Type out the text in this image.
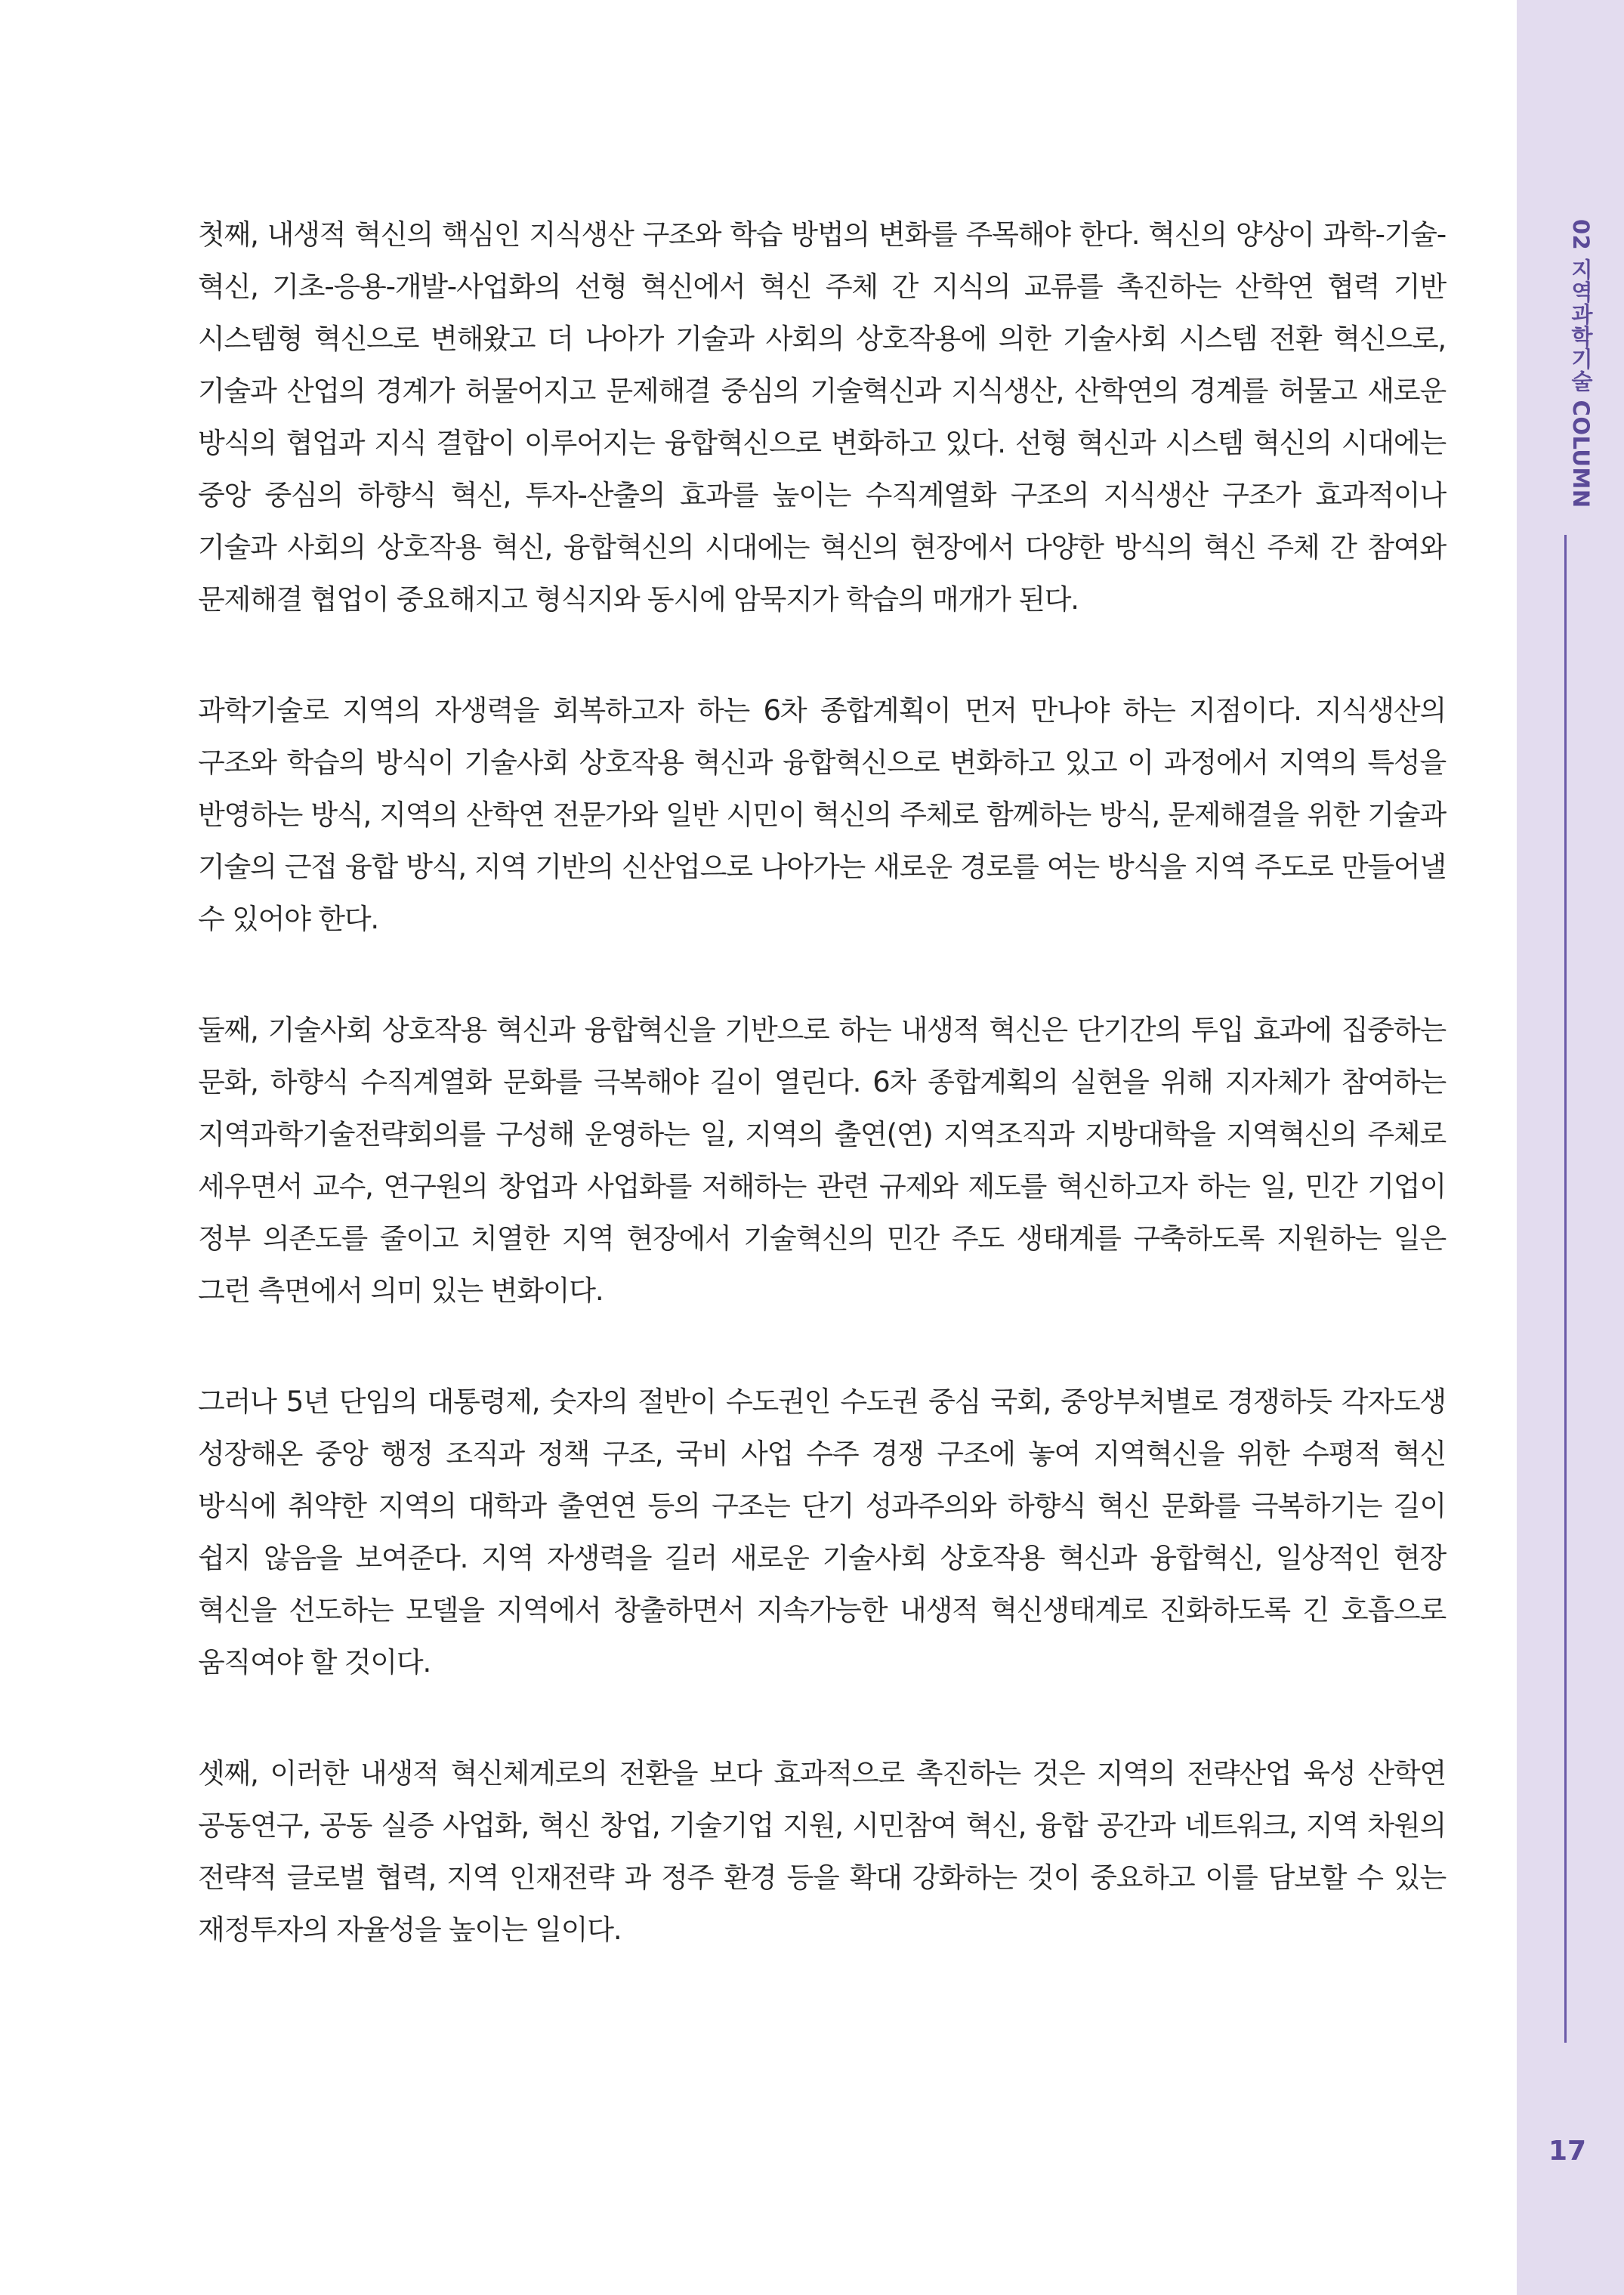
첫째, 내생적 혁신의 핵심인 지식생산 구조와 학습 방법의 변화를 주목해야 한다. 혁신의 양상이 과학-기술-혁신, 기초-응용-개발-사업화의 선형 혁신에서 혁신 주체 간 지식의 교류를 촉진하는 산학연 협력 기반 시스템형 혁신으로 변해왔고 더 나아가 기술과 사회의 상호작용에 의한 기술사회 시스템 전환 혁신으로, 기술과 산업의 경계가 허물어지고 문제해결 중심의 기술혁신과 지식생산, 산학연의 경계를 허물고 새로운 방식의 협업과 지식 결합이 이루어지는 융합혁신으로 변화하고 있다. 선형 혁신과 시스템 혁신의 시대에는 중앙 중심의 하향식 혁신, 투자-산출의 효과를 높이는 수직계열화 구조의 지식생산 구조가 효과적이나 기술과 사회의 상호작용 혁신, 융합혁신의 시대에는 혁신의 현장에서 다양한 방식의 혁신 주체 간 참여와 문제해결 협업이 중요해지고 형식지와 동시에 암묵지가 학습의 매개가 된다.

과학기술로 지역의 자생력을 회복하고자 하는 6차 종합계획이 먼저 만나야 하는 지점이다. 지식생산의 구조와 학습의 방식이 기술사회 상호작용 혁신과 융합혁신으로 변화하고 있고 이 과정에서 지역의 특성을 반영하는 방식, 지역의 산학연 전문가와 일반 시민이 혁신의 주체로 함께하는 방식, 문제해결을 위한 기술과 기술의 근접 융합 방식, 지역 기반의 신산업으로 나아가는 새로운 경로를 여는 방식을 지역 주도로 만들어낼 수 있어야 한다.

둘째, 기술사회 상호작용 혁신과 융합혁신을 기반으로 하는 내생적 혁신은 단기간의 투입 효과에 집중하는 문화, 하향식 수직계열화 문화를 극복해야 길이 열린다. 6차 종합계획의 실현을 위해 지자체가 참여하는 지역과학기술전략회의를 구성해 운영하는 일, 지역의 출연(연) 지역조직과 지방대학을 지역혁신의 주체로 세우면서 교수, 연구원의 창업과 사업화를 저해하는 관련 규제와 제도를 혁신하고자 하는 일, 민간 기업이 정부 의존도를 줄이고 치열한 지역 현장에서 기술혁신의 민간 주도 생태계를 구축하도록 지원하는 일은 그런 측면에서 의미 있는 변화이다.

그러나 5년 단임의 대통령제, 숫자의 절반이 수도권인 수도권 중심 국회, 중앙부처별로 경쟁하듯 각자도생 성장해온 중앙 행정 조직과 정책 구조, 국비 사업 수주 경쟁 구조에 놓여 지역혁신을 위한 수평적 혁신 방식에 취약한 지역의 대학과 출연연 등의 구조는 단기 성과주의와 하향식 혁신 문화를 극복하기는 길이 쉽지 않음을 보여준다. 지역 자생력을 길러 새로운 기술사회 상호작용 혁신과 융합혁신, 일상적인 현장 혁신을 선도하는 모델을 지역에서 창출하면서 지속가능한 내생적 혁신생태계로 진화하도록 긴 호흡으로 움직여야 할 것이다.

셋째, 이러한 내생적 혁신체계로의 전환을 보다 효과적으로 촉진하는 것은 지역의 전략산업 육성 산학연 공동연구, 공동 실증 사업화, 혁신 창업, 기술기업 지원, 시민참여 혁신, 융합 공간과 네트워크, 지역 차원의 전략적 글로벌 협력, 지역 인재전략 과 정주 환경 등을 확대 강화하는 것이 중요하고 이를 담보할 수 있는 재정투자의 자율성을 높이는 일이다.

02 지역과학기술 COLUMN
17
